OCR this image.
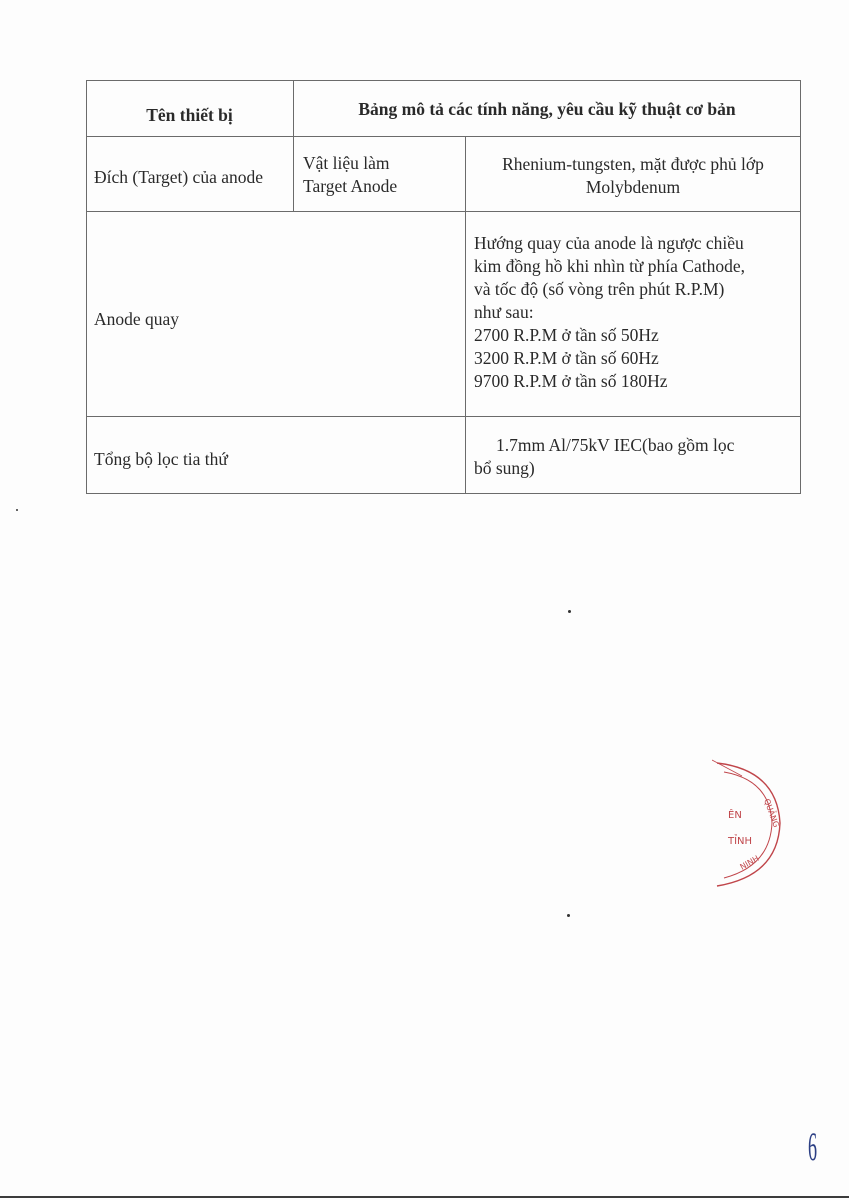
Tên thiết bị	Bảng mô tả các tính năng, yêu cầu kỹ thuật cơ bản
Đích (Target) của anode
Vật liệu làm
Target Anode
Rhenium-tungsten, mặt được phủ lớp
Molybdenum
Anode quay
Hướng quay của anode là ngược chiều
kim đồng hồ khi nhìn từ phía Cathode,
và tốc độ (số vòng trên phút R.P.M)
như sau:
2700 R.P.M ở tần số 50Hz
3200 R.P.M ở tần số 60Hz
9700 R.P.M ở tần số 180Hz
Tổng bộ lọc tia thứ
1.7mm Al/75kV IEC(bao gồm lọc
bổ sung)
QUẢNG
ÊN
TỈNH
NINH
6
